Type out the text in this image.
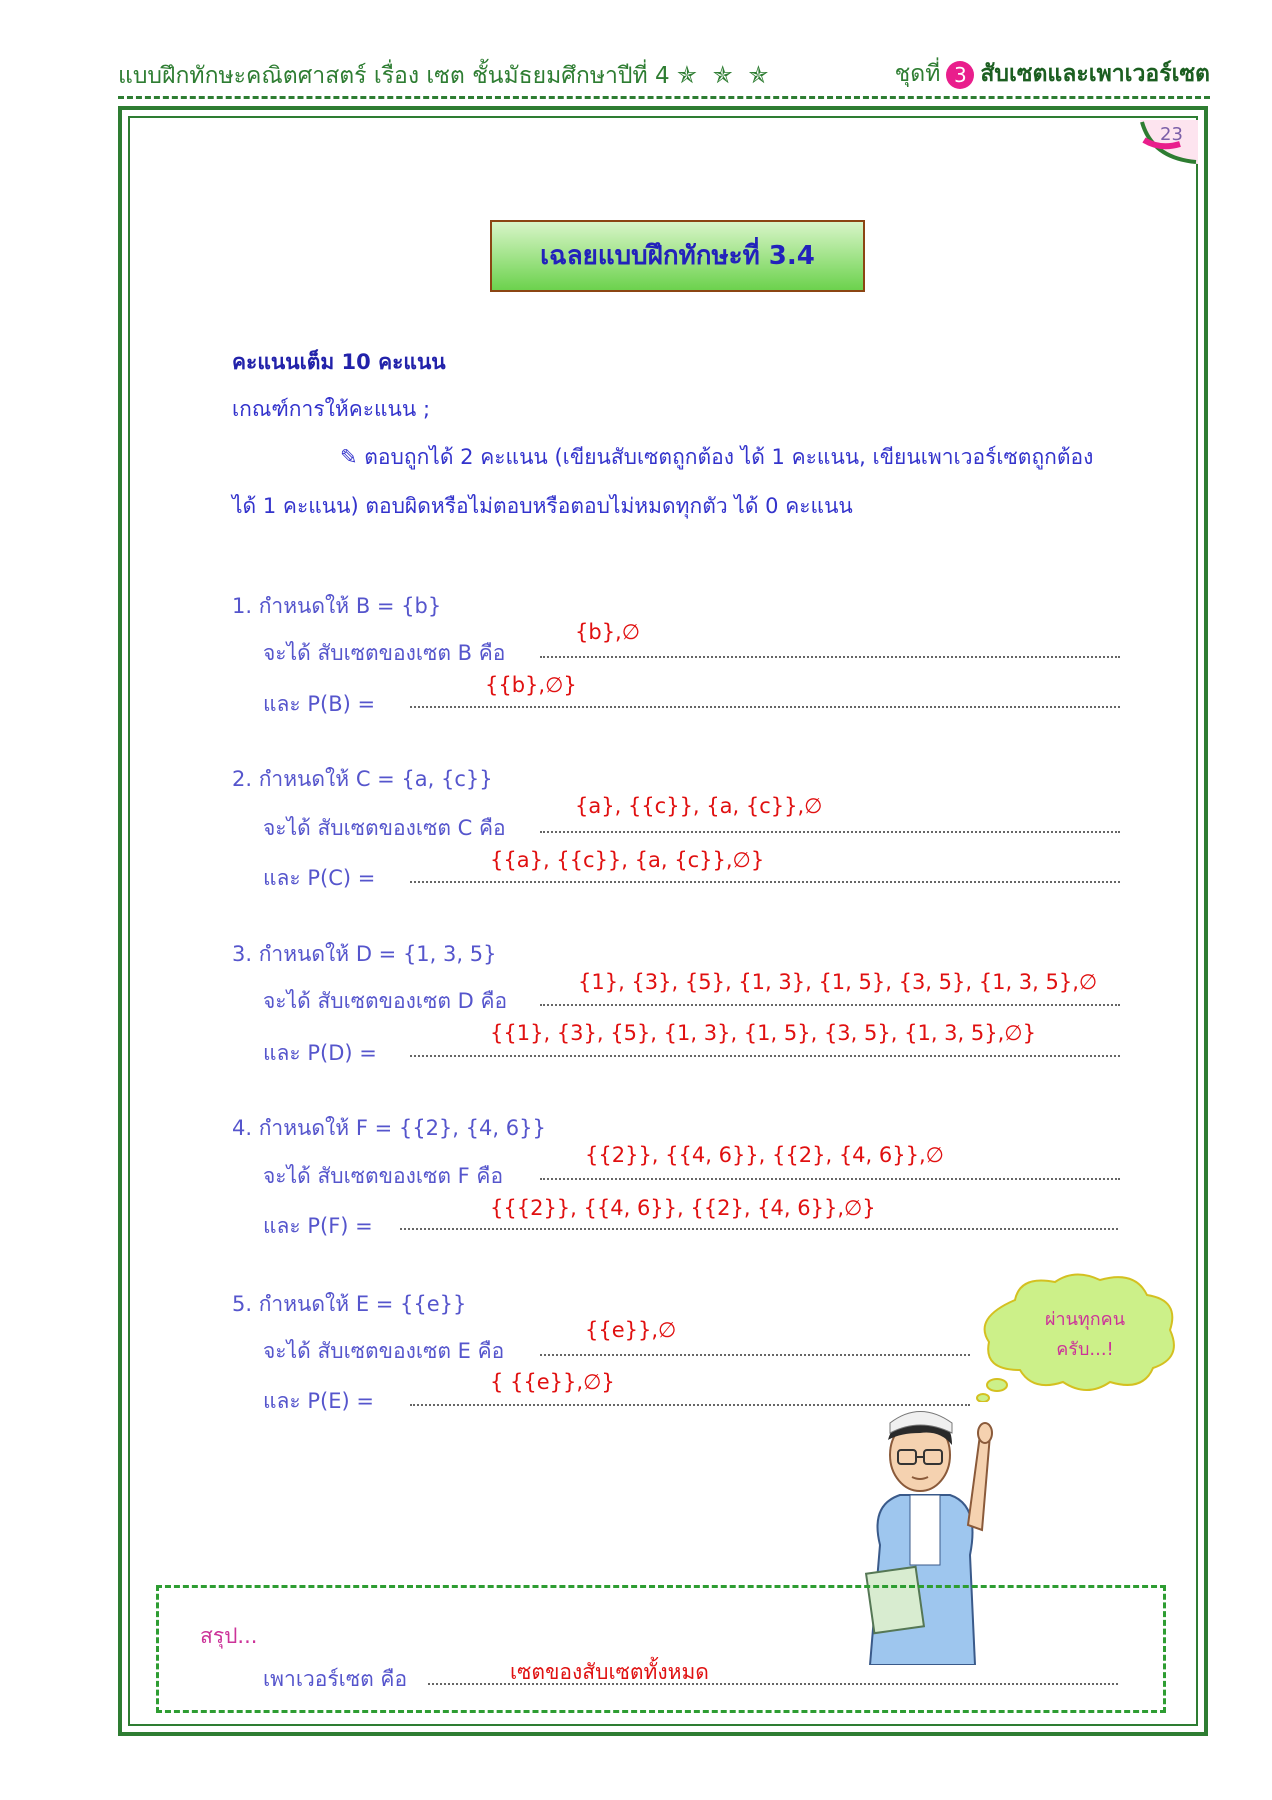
แบบฝึกทักษะคณิตศาสตร์ เรื่อง เซต ชั้นมัธยมศึกษาปีที่ 4 ✯ ✯ ✯	ชุดที่ 3 สับเซตและเพาเวอร์เซต
23
เฉลยแบบฝึกทักษะที่ 3.4
คะแนนเต็ม 10 คะแนน
เกณฑ์การให้คะแนน ;
✎ ตอบถูกได้ 2 คะแนน (เขียนสับเซตถูกต้อง ได้ 1 คะแนน, เขียนเพาเวอร์เซตถูกต้อง
ได้ 1 คะแนน) ตอบผิดหรือไม่ตอบหรือตอบไม่หมดทุกตัว ได้ 0 คะแนน
1. กำหนดให้ B = {b}
จะได้ สับเซตของเซต B คือ
{b},∅
และ P(B) =
{{b},∅}
2. กำหนดให้ C = {a, {c}}
จะได้ สับเซตของเซต C คือ
{a}, {{c}}, {a, {c}},∅
และ P(C) =
{{a}, {{c}}, {a, {c}},∅}
3. กำหนดให้ D = {1, 3, 5}
จะได้ สับเซตของเซต D คือ
{1}, {3}, {5}, {1, 3}, {1, 5}, {3, 5}, {1, 3, 5},∅
และ P(D) =
{{1}, {3}, {5}, {1, 3}, {1, 5}, {3, 5}, {1, 3, 5},∅}
4. กำหนดให้ F = {{2}, {4, 6}}
จะได้ สับเซตของเซต F คือ
{{2}}, {{4, 6}}, {{2}, {4, 6}},∅
และ P(F) =
{{{2}}, {{4, 6}}, {{2}, {4, 6}},∅}
5. กำหนดให้ E = {{e}}
จะได้ สับเซตของเซต E คือ
{{e}},∅
และ P(E) =
{ {{e}},∅}
ผ่านทุกคน
ครับ...!
สรุป...
เพาเวอร์เซต คือ	เซตของสับเซตทั้งหมด
